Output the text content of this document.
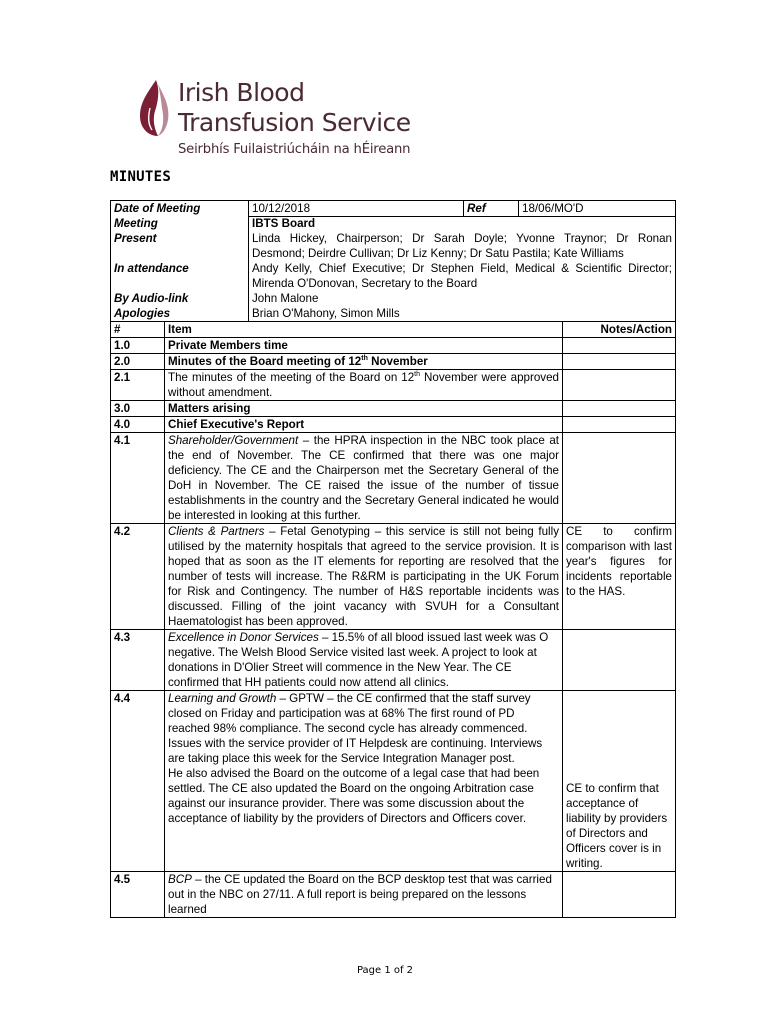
Irish Blood
Transfusion Service
Seirbhís Fuilaistriúcháin na hÉireann
MINUTES
Date of Meeting	10/12/2018	Ref	18/06/MO'D
Meeting	IBTS Board
Present	Linda Hickey, Chairperson; Dr Sarah Doyle; Yvonne Traynor; Dr Ronan Desmond; Deirdre Cullivan; Dr Liz Kenny; Dr Satu Pastila; Kate Williams
In attendance	Andy Kelly, Chief Executive; Dr Stephen Field, Medical & Scientific Director; Mirenda O'Donovan, Secretary to the Board
By Audio-link	John Malone
Apologies	Brian O'Mahony, Simon Mills
#	Item	Notes/Action
1.0	Private Members time	
2.0	Minutes of the Board meeting of 12th November	
2.1	The minutes of the meeting of the Board on 12th November were approved without amendment.	
3.0	Matters arising	
4.0	Chief Executive's Report	
4.1	Shareholder/Government – the HPRA inspection in the NBC took place at the end of November. The CE confirmed that there was one major deficiency. The CE and the Chairperson met the Secretary General of the DoH in November. The CE raised the issue of the number of tissue establishments in the country and the Secretary General indicated he would be interested in looking at this further.	
4.2	Clients & Partners – Fetal Genotyping – this service is still not being fully utilised by the maternity hospitals that agreed to the service provision. It is hoped that as soon as the IT elements for reporting are resolved that the number of tests will increase. The R&RM is participating in the UK Forum for Risk and Contingency. The number of H&S reportable incidents was discussed. Filling of the joint vacancy with SVUH for a Consultant Haematologist has been approved.	CE to confirm comparison with last year's figures for incidents reportable to the HAS.
4.3	Excellence in Donor Services – 15.5% of all blood issued last week was O negative. The Welsh Blood Service visited last week. A project to look at donations in D'Olier Street will commence in the New Year. The CE confirmed that HH patients could now attend all clinics.	
4.4	Learning and Growth – GPTW – the CE confirmed that the staff survey closed on Friday and participation was at 68% The first round of PD reached 98% compliance. The second cycle has already commenced. Issues with the service provider of IT Helpdesk are continuing. Interviews are taking place this week for the Service Integration Manager post.
He also advised the Board on the outcome of a legal case that had been settled. The CE also updated the Board on the ongoing Arbitration case against our insurance provider. There was some discussion about the acceptance of liability by the providers of Directors and Officers cover.	CE to confirm that acceptance of liability by providers of Directors and Officers cover is in writing.

4.5	BCP – the CE updated the Board on the BCP desktop test that was carried out in the NBC on 27/11. A full report is being prepared on the lessons learned	
Page 1 of 2
